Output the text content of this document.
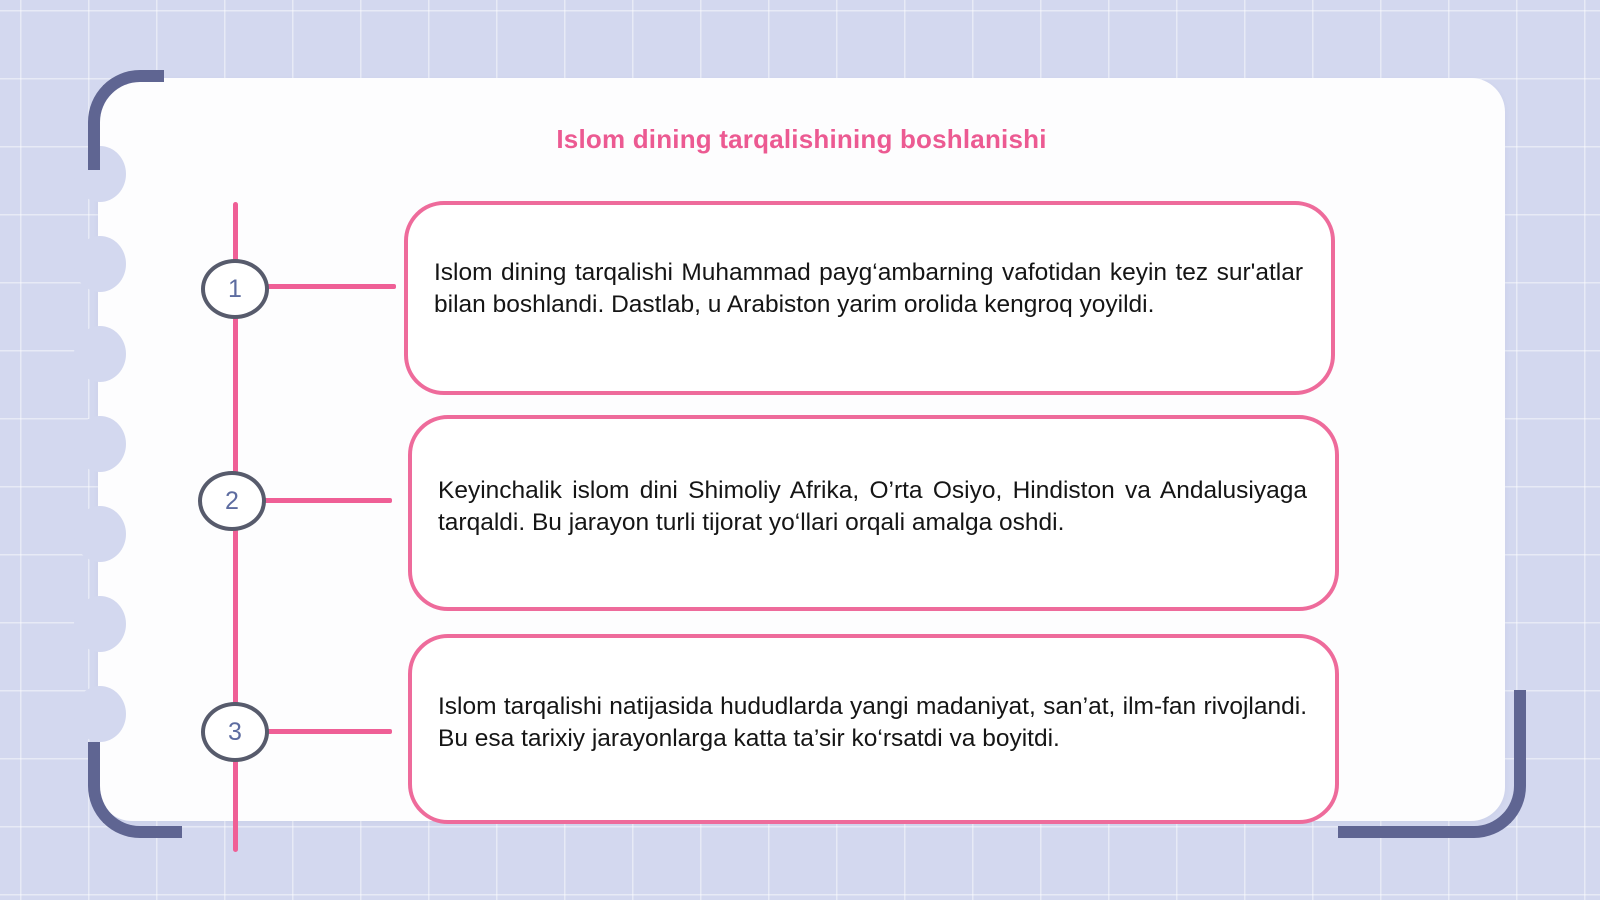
Islom dining tarqalishining boshlanishi
1
2
3

Islom dining tarqalishi Muhammad payg‘ambarning vafotidan keyin tez sur'atlar bilan boshlandi. Dastlab, u Arabiston yarim orolida kengroq yoyildi.

Keyinchalik islom dini Shimoliy Afrika, O’rta Osiyo, Hindiston va Andalusiyaga tarqaldi. Bu jarayon turli tijorat yo‘llari orqali amalga oshdi.

Islom tarqalishi natijasida hududlarda yangi madaniyat, san’at, ilm-fan rivojlandi. Bu esa tarixiy jarayonlarga katta ta’sir ko‘rsatdi va boyitdi.
